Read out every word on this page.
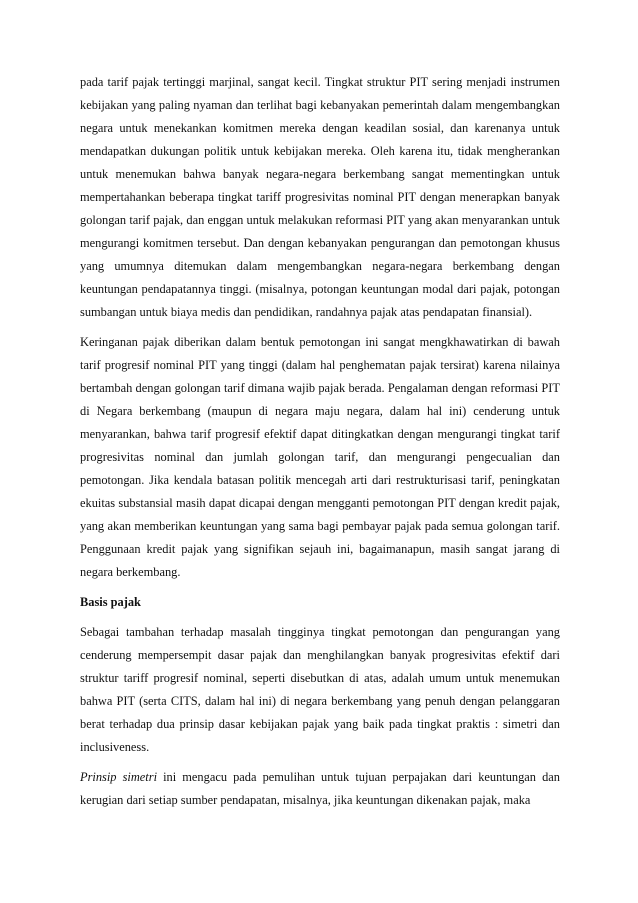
pada tarif pajak tertinggi marjinal, sangat kecil. Tingkat struktur PIT sering menjadi instrumen kebijakan yang paling nyaman dan terlihat bagi kebanyakan pemerintah dalam mengembangkan negara untuk menekankan komitmen mereka dengan keadilan sosial, dan karenanya untuk mendapatkan dukungan politik untuk kebijakan mereka. Oleh karena itu, tidak mengherankan untuk menemukan bahwa banyak negara-negara berkembang sangat mementingkan untuk mempertahankan beberapa tingkat tariff progresivitas nominal PIT dengan menerapkan banyak golongan tarif pajak, dan enggan untuk melakukan reformasi PIT yang akan menyarankan untuk mengurangi komitmen tersebut. Dan dengan kebanyakan pengurangan dan pemotongan khusus yang umumnya ditemukan dalam mengembangkan negara-negara berkembang dengan keuntungan pendapatannya tinggi. (misalnya, potongan keuntungan modal dari pajak, potongan sumbangan untuk biaya medis dan pendidikan, randahnya pajak atas pendapatan finansial).

Keringanan pajak diberikan dalam bentuk pemotongan ini sangat mengkhawatirkan di bawah tarif progresif nominal PIT yang tinggi (dalam hal penghematan pajak tersirat) karena nilainya bertambah dengan golongan tarif dimana wajib pajak berada. Pengalaman dengan reformasi PIT di Negara berkembang (maupun di negara maju negara, dalam hal ini) cenderung untuk menyarankan, bahwa tarif progresif efektif dapat ditingkatkan dengan mengurangi tingkat tarif progresivitas nominal dan jumlah golongan tarif, dan mengurangi pengecualian dan pemotongan. Jika kendala batasan politik mencegah arti dari restrukturisasi tarif, peningkatan ekuitas substansial masih dapat dicapai dengan mengganti pemotongan PIT dengan kredit pajak, yang akan memberikan keuntungan yang sama bagi pembayar pajak pada semua golongan tarif. Penggunaan kredit pajak yang signifikan sejauh ini, bagaimanapun, masih sangat jarang di negara berkembang.

Basis pajak

Sebagai tambahan terhadap masalah tingginya tingkat pemotongan dan pengurangan yang cenderung mempersempit dasar pajak dan menghilangkan banyak progresivitas efektif dari struktur tariff progresif nominal, seperti disebutkan di atas, adalah umum untuk menemukan bahwa PIT (serta CITS, dalam hal ini) di negara berkembang yang penuh dengan pelanggaran berat terhadap dua prinsip dasar kebijakan pajak yang baik pada tingkat praktis : simetri dan inclusiveness.

Prinsip simetri ini mengacu pada pemulihan untuk tujuan perpajakan dari keuntungan dan kerugian dari setiap sumber pendapatan, misalnya, jika keuntungan dikenakan pajak, maka
